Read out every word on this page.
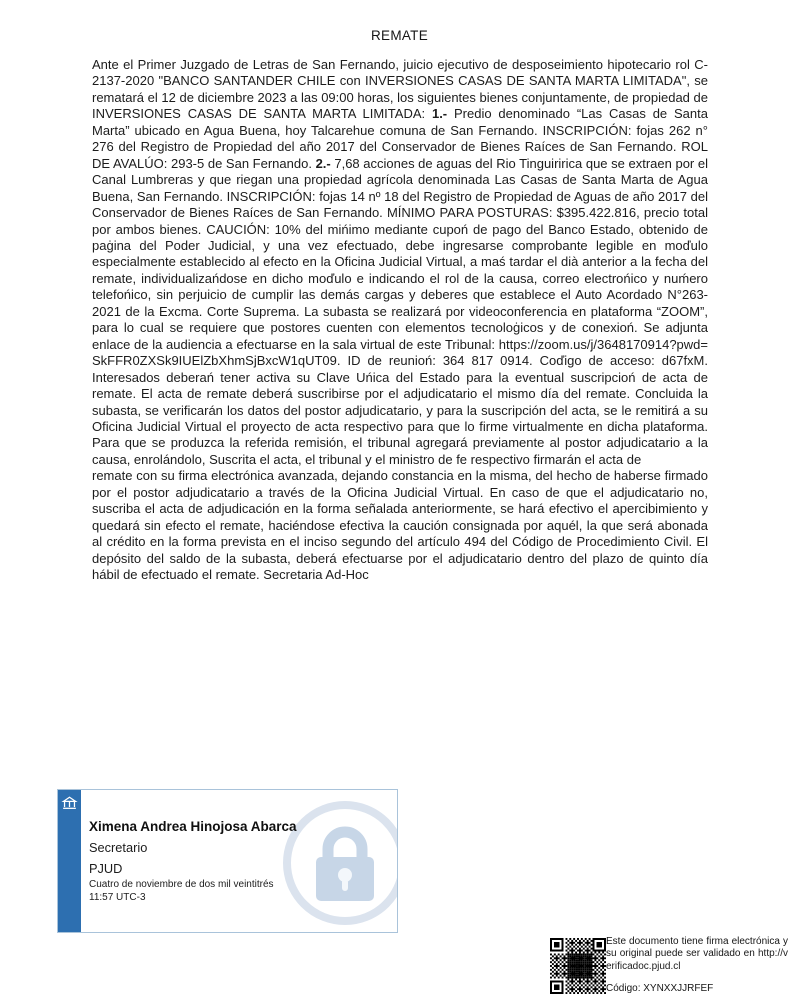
REMATE

Ante el Primer Juzgado de Letras de San Fernando, juicio ejecutivo de desposeimiento hipotecario rol C-2137-2020 "BANCO SANTANDER CHILE con INVERSIONES CASAS DE SANTA MARTA LIMITADA", se rematará el 12 de diciembre 2023 a las 09:00 horas, los siguientes bienes conjuntamente, de propiedad de INVERSIONES CASAS DE SANTA MARTA LIMITADA: 1.- Predio denominado “Las Casas de Santa Marta” ubicado en Agua Buena, hoy Talcarehue comuna de San Fernando. INSCRIPCIÓN: fojas 262 n° 276 del Registro de Propiedad del año 2017 del Conservador de Bienes Raíces de San Fernando. ROL DE AVALÚO: 293-5 de San Fernando. 2.- 7,68 acciones de aguas del Rio Tinguiririca que se extraen por el Canal Lumbreras y que riegan una propiedad agrícola denominada Las Casas de Santa Marta de Agua Buena, San Fernando. INSCRIPCIÓN: fojas 14 nº 18 del Registro de Propiedad de Aguas de año 2017 del Conservador de Bienes Raíces de San Fernando. MÍNIMO PARA POSTURAS: $395.422.816, precio total por ambos bienes. CAUCIÓN: 10% del mińimo mediante cupoń de pago del Banco Estado, obtenido de paġina del Poder Judicial, y una vez efectuado, debe ingresarse comprobante legible en moďulo especialmente establecido al efecto en la Oficina Judicial Virtual, a maś tardar el dià anterior a la fecha del remate, individualizańdose en dicho moďulo e indicando el rol de la causa, correo electrońico y nuḿero telefońico, sin perjuicio de cumplir las demás cargas y deberes que establece el Auto Acordado N°263-2021 de la Excma. Corte Suprema. La subasta se realizará por videoconferencia en plataforma “ZOOM”, para lo cual se requiere que postores cuenten con elementos tecnoloġicos y de conexioń. Se adjunta enlace de la audiencia a efectuarse en la sala virtual de este Tribunal: https://zoom.us/j/3648170914?pwd=SkFFR0ZXSk9IUElZbXhmSjBxcW1qUT09. ID de reunioń: 364 817 0914. Coďigo de acceso: d67fxM. Interesados deberań tener activa su Clave Uńica del Estado para la eventual suscripcioń de acta de remate. El acta de remate deberá suscribirse por el adjudicatario el mismo día del remate. Concluida la subasta, se verificarán los datos del postor adjudicatario, y para la suscripción del acta, se le remitirá a su Oficina Judicial Virtual el proyecto de acta respectivo para que lo firme virtualmente en dicha plataforma. Para que se produzca la referida remisión, el tribunal agregará previamente al postor adjudicatario a la causa, enrolándolo, Suscrita el acta, el tribunal y el ministro de fe respectivo firmarán el acta de

remate con su firma electrónica avanzada, dejando constancia en la misma, del hecho de haberse firmado por el postor adjudicatario a través de la Oficina Judicial Virtual. En caso de que el adjudicatario no, suscriba el acta de adjudicación en la forma señalada anteriormente, se hará efectivo el apercibimiento y quedará sin efecto el remate, haciéndose efectiva la caución consignada por aquél, la que será abonada al crédito en la forma prevista en el inciso segundo del artículo 494 del Código de Procedimiento Civil. El depósito del saldo de la subasta, deberá efectuarse por el adjudicatario dentro del plazo de quinto día hábil de efectuado el remate. Secretaria Ad-Hoc

Ximena Andrea Hinojosa Abarca
Secretario
PJUD
Cuatro de noviembre de dos mil veintitrés
11:57 UTC-3
Este documento tiene firma electrónica y su original puede ser validado en http://verificadoc.pjud.cl
Código: XYNXXJJRFEF
